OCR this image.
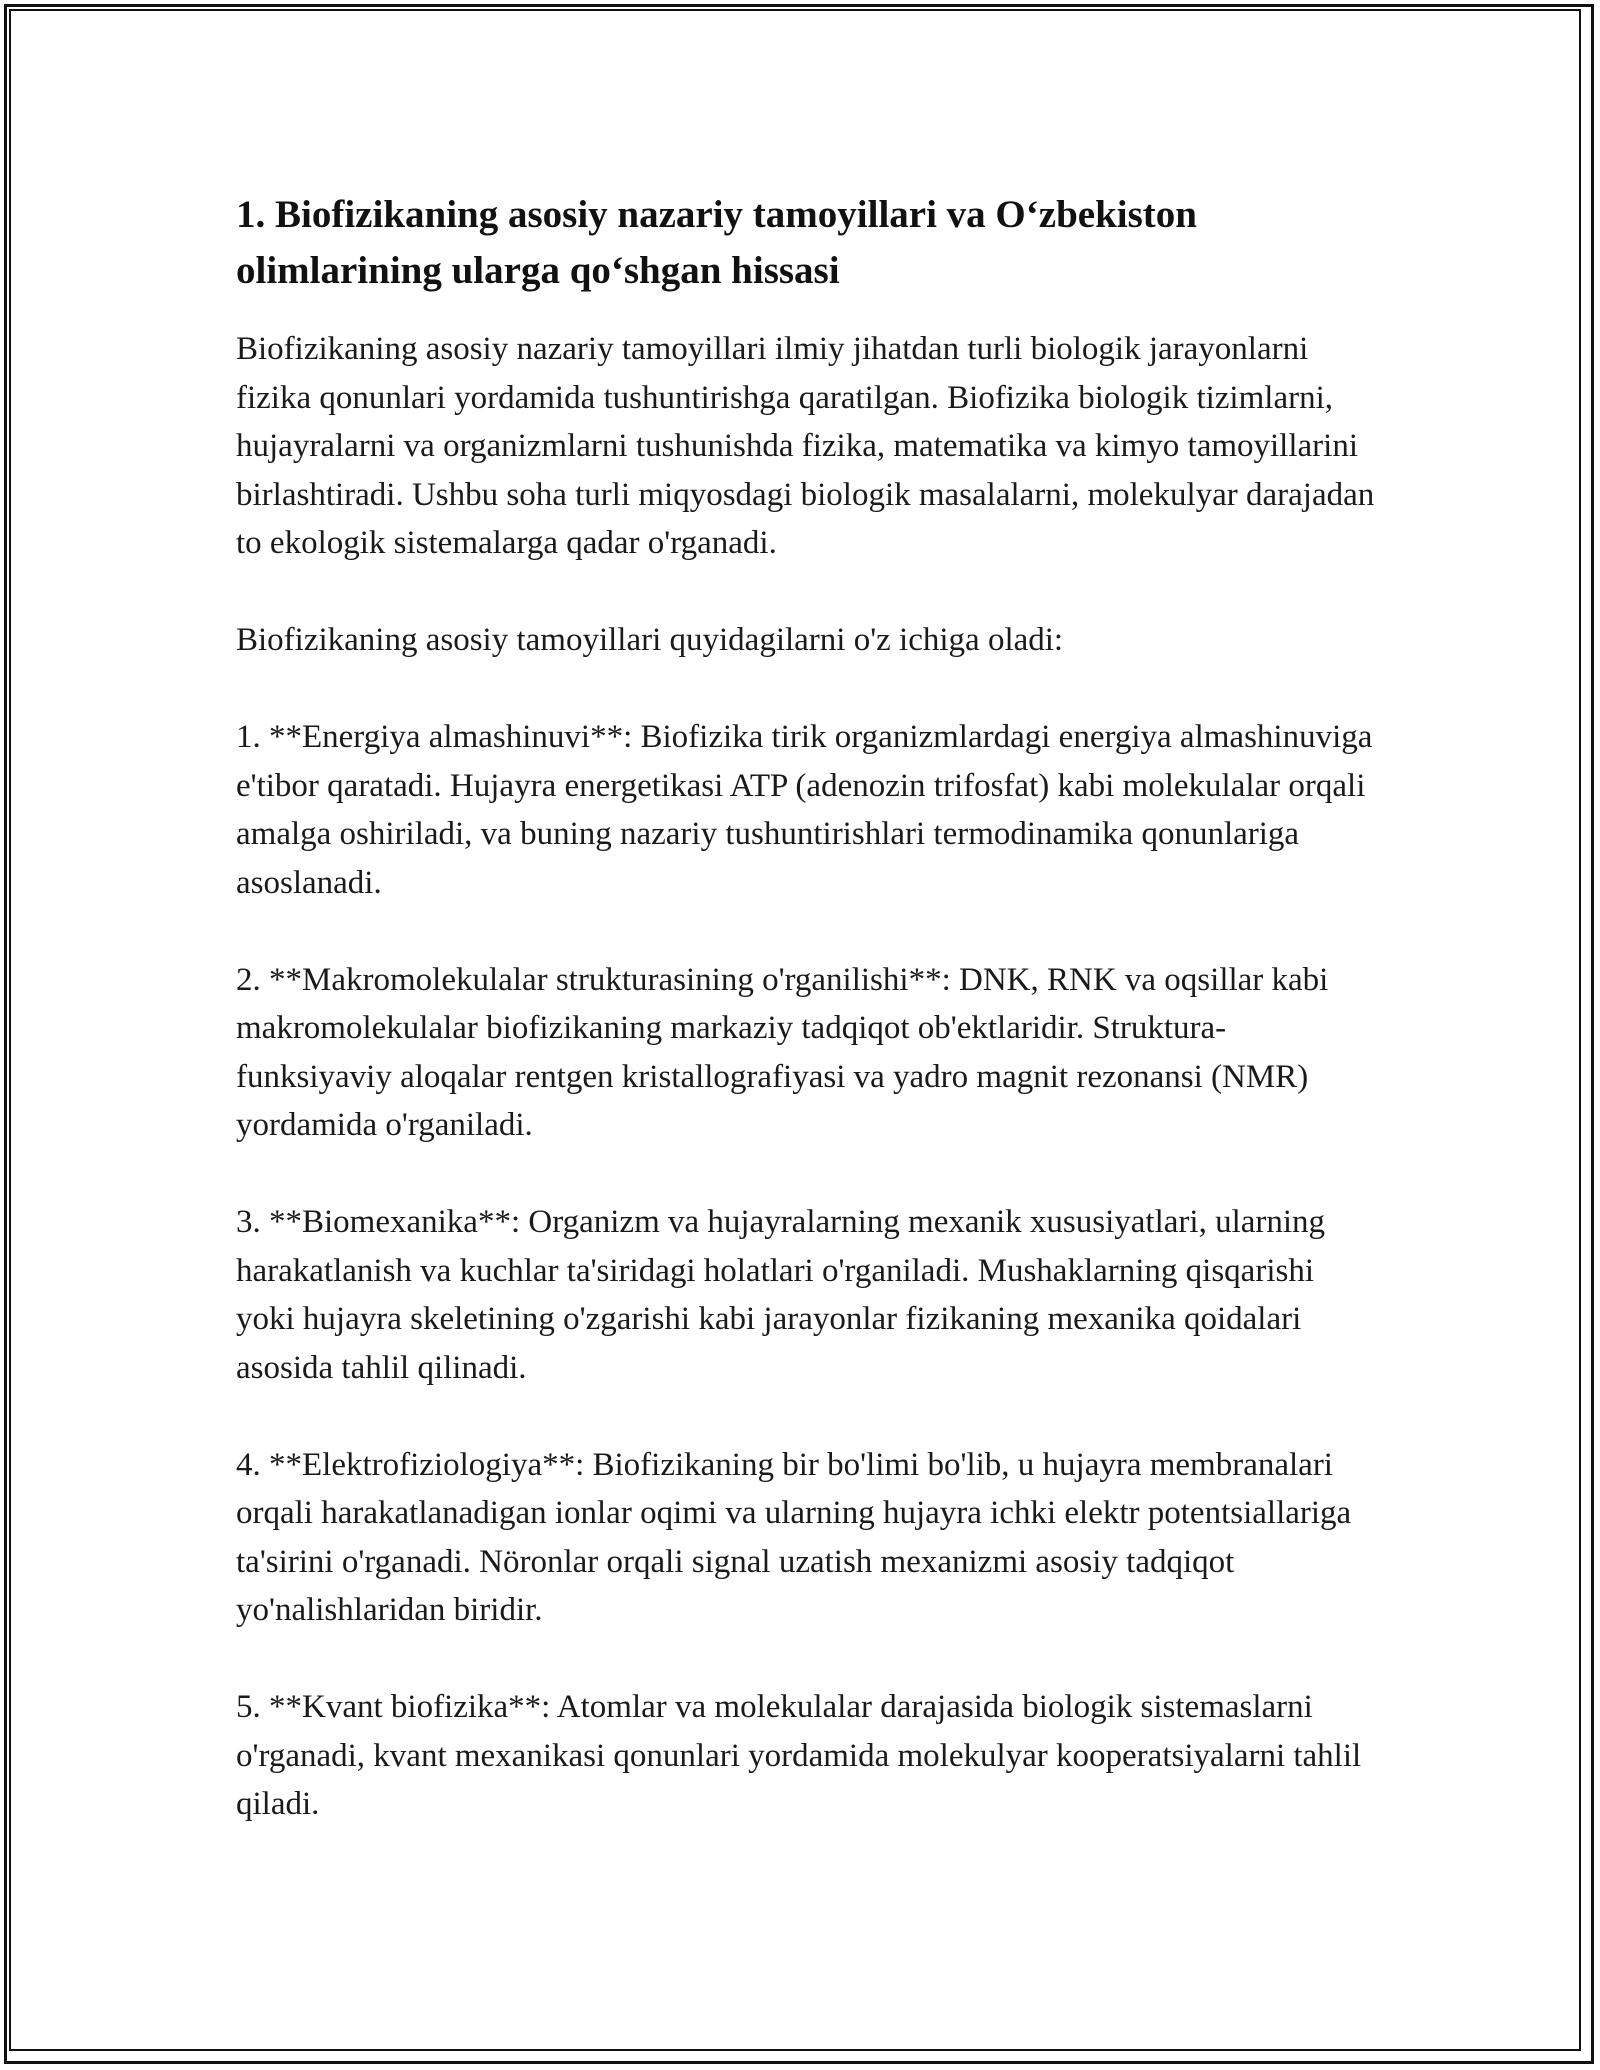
1. Biofizikaning asosiy nazariy tamoyillari va O‘zbekiston olimlarining ularga qo‘shgan hissasi

Biofizikaning asosiy nazariy tamoyillari ilmiy jihatdan turli biologik jarayonlarni fizika qonunlari yordamida tushuntirishga qaratilgan. Biofizika biologik tizimlarni, hujayralarni va organizmlarni tushunishda fizika, matematika va kimyo tamoyillarini birlashtiradi. Ushbu soha turli miqyosdagi biologik masalalarni, molekulyar darajadan to ekologik sistemalarga qadar o'rganadi.

Biofizikaning asosiy tamoyillari quyidagilarni o'z ichiga oladi:

1. **Energiya almashinuvi**: Biofizika tirik organizmlardagi energiya almashinuviga e'tibor qaratadi. Hujayra energetikasi ATP (adenozin trifosfat) kabi molekulalar orqali amalga oshiriladi, va buning nazariy tushuntirishlari termodinamika qonunlariga asoslanadi.

2. **Makromolekulalar strukturasining o'rganilishi**: DNK, RNK va oqsillar kabi makromolekulalar biofizikaning markaziy tadqiqot ob'ektlaridir. Struktura-funksiyaviy aloqalar rentgen kristallografiyasi va yadro magnit rezonansi (NMR) yordamida o'rganiladi.

3. **Biomexanika**: Organizm va hujayralarning mexanik xususiyatlari, ularning harakatlanish va kuchlar ta'siridagi holatlari o'rganiladi. Mushaklarning qisqarishi yoki hujayra skeletining o'zgarishi kabi jarayonlar fizikaning mexanika qoidalari asosida tahlil qilinadi.

4. **Elektrofiziologiya**: Biofizikaning bir bo'limi bo'lib, u hujayra membranalari orqali harakatlanadigan ionlar oqimi va ularning hujayra ichki elektr potentsiallariga ta'sirini o'rganadi. Nöronlar orqali signal uzatish mexanizmi asosiy tadqiqot yo'nalishlaridan biridir.

5. **Kvant biofizika**: Atomlar va molekulalar darajasida biologik sistemaslarni o'rganadi, kvant mexanikasi qonunlari yordamida molekulyar kooperatsiyalarni tahlil qiladi.
